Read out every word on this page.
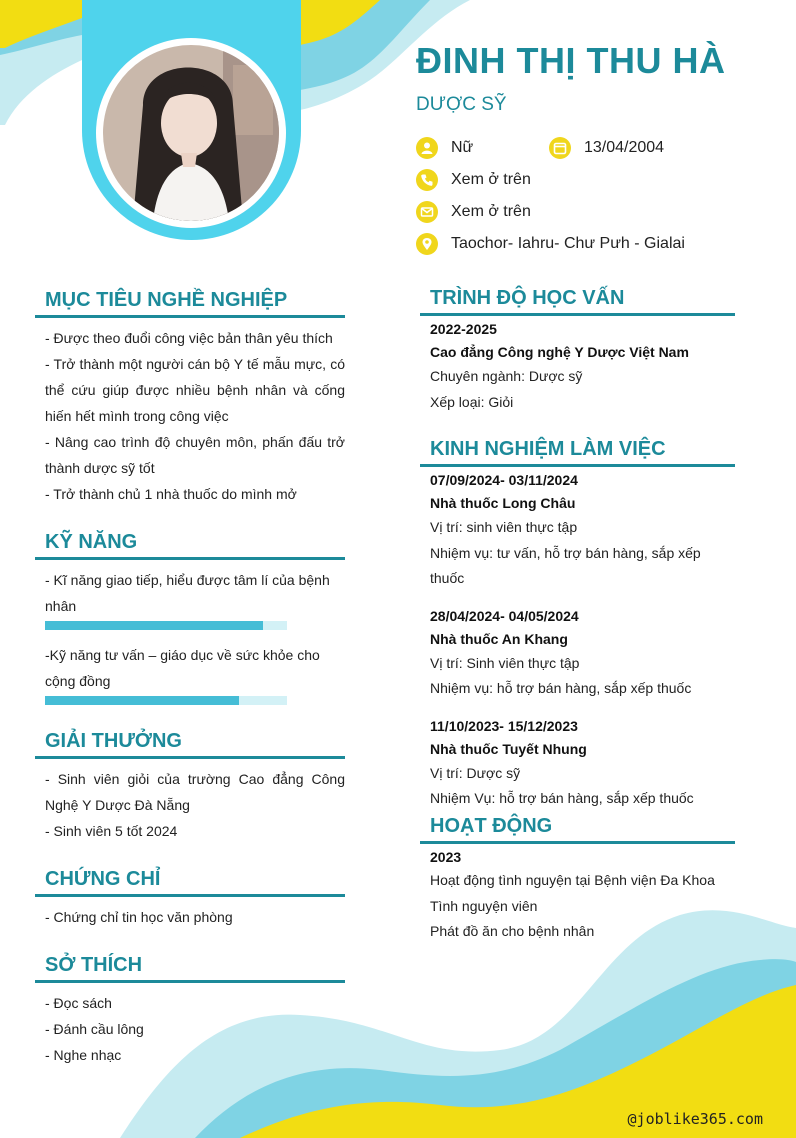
ĐINH THỊ THU HÀ
DƯỢC SỸ
Nữ	13/04/2004
Xem ở trên
Xem ở trên
Taochor- Iahru- Chư Pưh - Gialai
MỤC TIÊU NGHỀ NGHIỆP

- Được theo đuổi công việc bản thân yêu thích

- Trở thành một người cán bộ Y tế mẫu mực, có thể cứu giúp được nhiều bệnh nhân và cống hiến hết mình trong công việc

- Nâng cao trình độ chuyên môn, phấn đấu trở thành dược sỹ tốt

- Trở thành chủ 1 nhà thuốc do mình mở

KỸ NĂNG

- Kĩ năng giao tiếp, hiểu được tâm lí của bệnh nhân

-Kỹ năng tư vấn – giáo dục về sức khỏe cho cộng đồng

GIẢI THƯỞNG

- Sinh viên giỏi của trường Cao đẳng Công Nghệ Y Dược Đà Nẵng

- Sinh viên 5 tốt 2024

CHỨNG CHỈ

- Chứng chỉ tin học văn phòng

SỞ THÍCH

- Đọc sách

- Đánh cầu lông

- Nghe nhạc

TRÌNH ĐỘ HỌC VẤN

2022-2025

Cao đẳng Công nghệ Y Dược Việt Nam

Chuyên ngành: Dược sỹ

Xếp loại: Giỏi

KINH NGHIỆM LÀM VIỆC

07/09/2024- 03/11/2024

Nhà thuốc Long Châu

Vị trí: sinh viên thực tập

Nhiệm vụ: tư vấn, hỗ trợ bán hàng, sắp xếp thuốc

28/04/2024- 04/05/2024

Nhà thuốc An Khang

Vị trí: Sinh viên thực tập

Nhiệm vụ: hỗ trợ bán hàng, sắp xếp thuốc

11/10/2023- 15/12/2023

Nhà thuốc Tuyết Nhung

Vị trí: Dược sỹ

Nhiệm Vụ: hỗ trợ bán hàng, sắp xếp thuốc

HOẠT ĐỘNG

2023

Hoạt động tình nguyện tại Bệnh viện Đa Khoa

Tình nguyện viên

Phát đồ ăn cho bệnh nhân

@joblike365.com
